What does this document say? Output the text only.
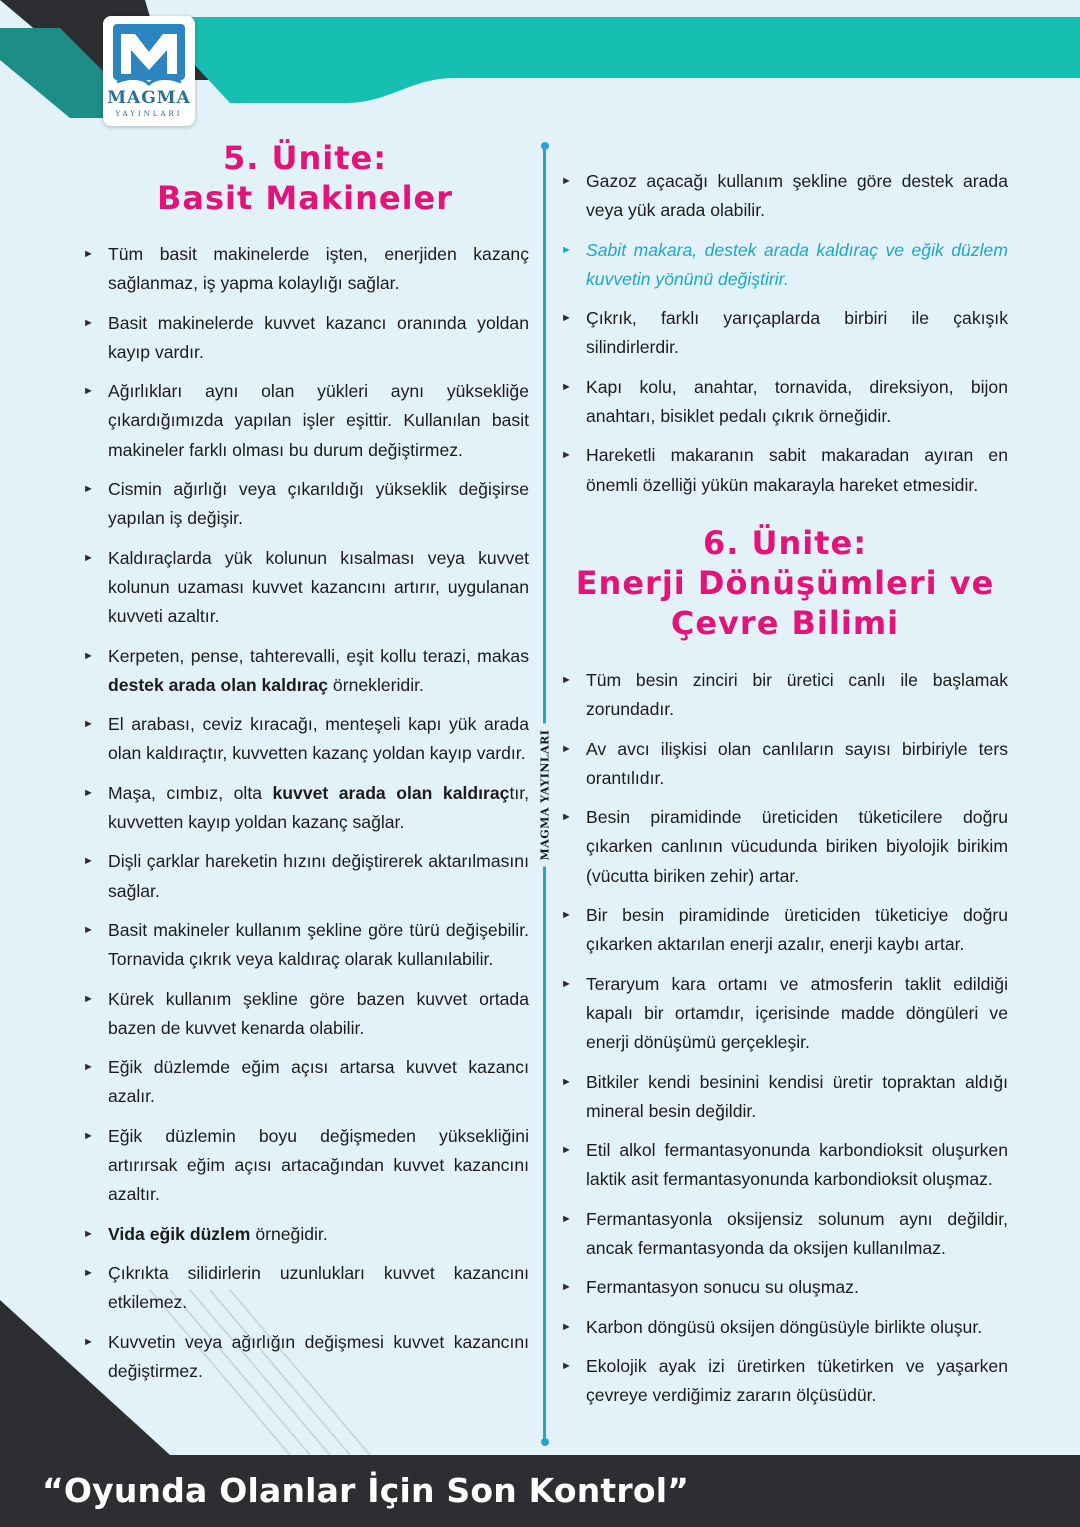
MAGMA
YAYINLARI
5. Ünite:
Basit Makineler
► Tüm basit makinelerde işten, enerjiden kazanç sağlanmaz, iş yapma kolaylığı sağlar.
► Basit makinelerde kuvvet kazancı oranında yoldan kayıp vardır.
► Ağırlıkları aynı olan yükleri aynı yüksekliğe çıkardığımızda yapılan işler eşittir. Kullanılan basit makineler farklı olması bu durum değiştirmez.
► Cismin ağırlığı veya çıkarıldığı yükseklik değişirse yapılan iş değişir.
► Kaldıraçlarda yük kolunun kısalması veya kuvvet kolunun uzaması kuvvet kazancını artırır, uygulanan kuvveti azaltır.
► Kerpeten, pense, tahterevalli, eşit kollu terazi, makas destek arada olan kaldıraç örnekleridir.
► El arabası, ceviz kıracağı, menteşeli kapı yük arada olan kaldıraçtır, kuvvetten kazanç yoldan kayıp vardır.
► Maşa, cımbız, olta kuvvet arada olan kaldıraçtır, kuvvetten kayıp yoldan kazanç sağlar.
► Dişli çarklar hareketin hızını değiştirerek aktarılmasını sağlar.
► Basit makineler kullanım şekline göre türü değişebilir. Tornavida çıkrık veya kaldıraç olarak kullanılabilir.
► Kürek kullanım şekline göre bazen kuvvet ortada bazen de kuvvet kenarda olabilir.
► Eğik düzlemde eğim açısı artarsa kuvvet kazancı azalır.
► Eğik düzlemin boyu değişmeden yüksekliğini artırırsak eğim açısı artacağından kuvvet kazancını azaltır.
► Vida eğik düzlem örneğidir.
► Çıkrıkta silidirlerin uzunlukları kuvvet kazancını etkilemez.
► Kuvvetin veya ağırlığın değişmesi kuvvet kazancını değiştirmez.
► Gazoz açacağı kullanım şekline göre destek arada veya yük arada olabilir.
► Sabit makara, destek arada kaldıraç ve eğik düzlem kuvvetin yönünü değiştirir.
► Çıkrık, farklı yarıçaplarda birbiri ile çakışık silindirlerdir.
► Kapı kolu, anahtar, tornavida, direksiyon, bijon anahtarı, bisiklet pedalı çıkrık örneğidir.
► Hareketli makaranın sabit makaradan ayıran en önemli özelliği yükün makarayla hareket etmesidir.
6. Ünite:
Enerji Dönüşümleri ve
Çevre Bilimi
► Tüm besin zinciri bir üretici canlı ile başlamak zorundadır.
► Av avcı ilişkisi olan canlıların sayısı birbiriyle ters orantılıdır.
► Besin piramidinde üreticiden tüketicilere doğru çıkarken canlının vücudunda biriken biyolojik birikim (vücutta biriken zehir) artar.
► Bir besin piramidinde üreticiden tüketiciye doğru çıkarken aktarılan enerji azalır, enerji kaybı artar.
► Teraryum kara ortamı ve atmosferin taklit edildiği kapalı bir ortamdır, içerisinde madde döngüleri ve enerji dönüşümü gerçekleşir.
► Bitkiler kendi besinini kendisi üretir topraktan aldığı mineral besin değildir.
► Etil alkol fermantasyonunda karbondioksit oluşurken laktik asit fermantasyonunda karbondioksit oluşmaz.
► Fermantasyonla oksijensiz solunum aynı değildir, ancak fermantasyonda da oksijen kullanılmaz.
► Fermantasyon sonucu su oluşmaz.
► Karbon döngüsü oksijen döngüsüyle birlikte oluşur.
► Ekolojik ayak izi üretirken tüketirken ve yaşarken çevreye verdiğimiz zararın ölçüsüdür.
MAGMA YAYINLARI
“Oyunda Olanlar İçin Son Kontrol”
